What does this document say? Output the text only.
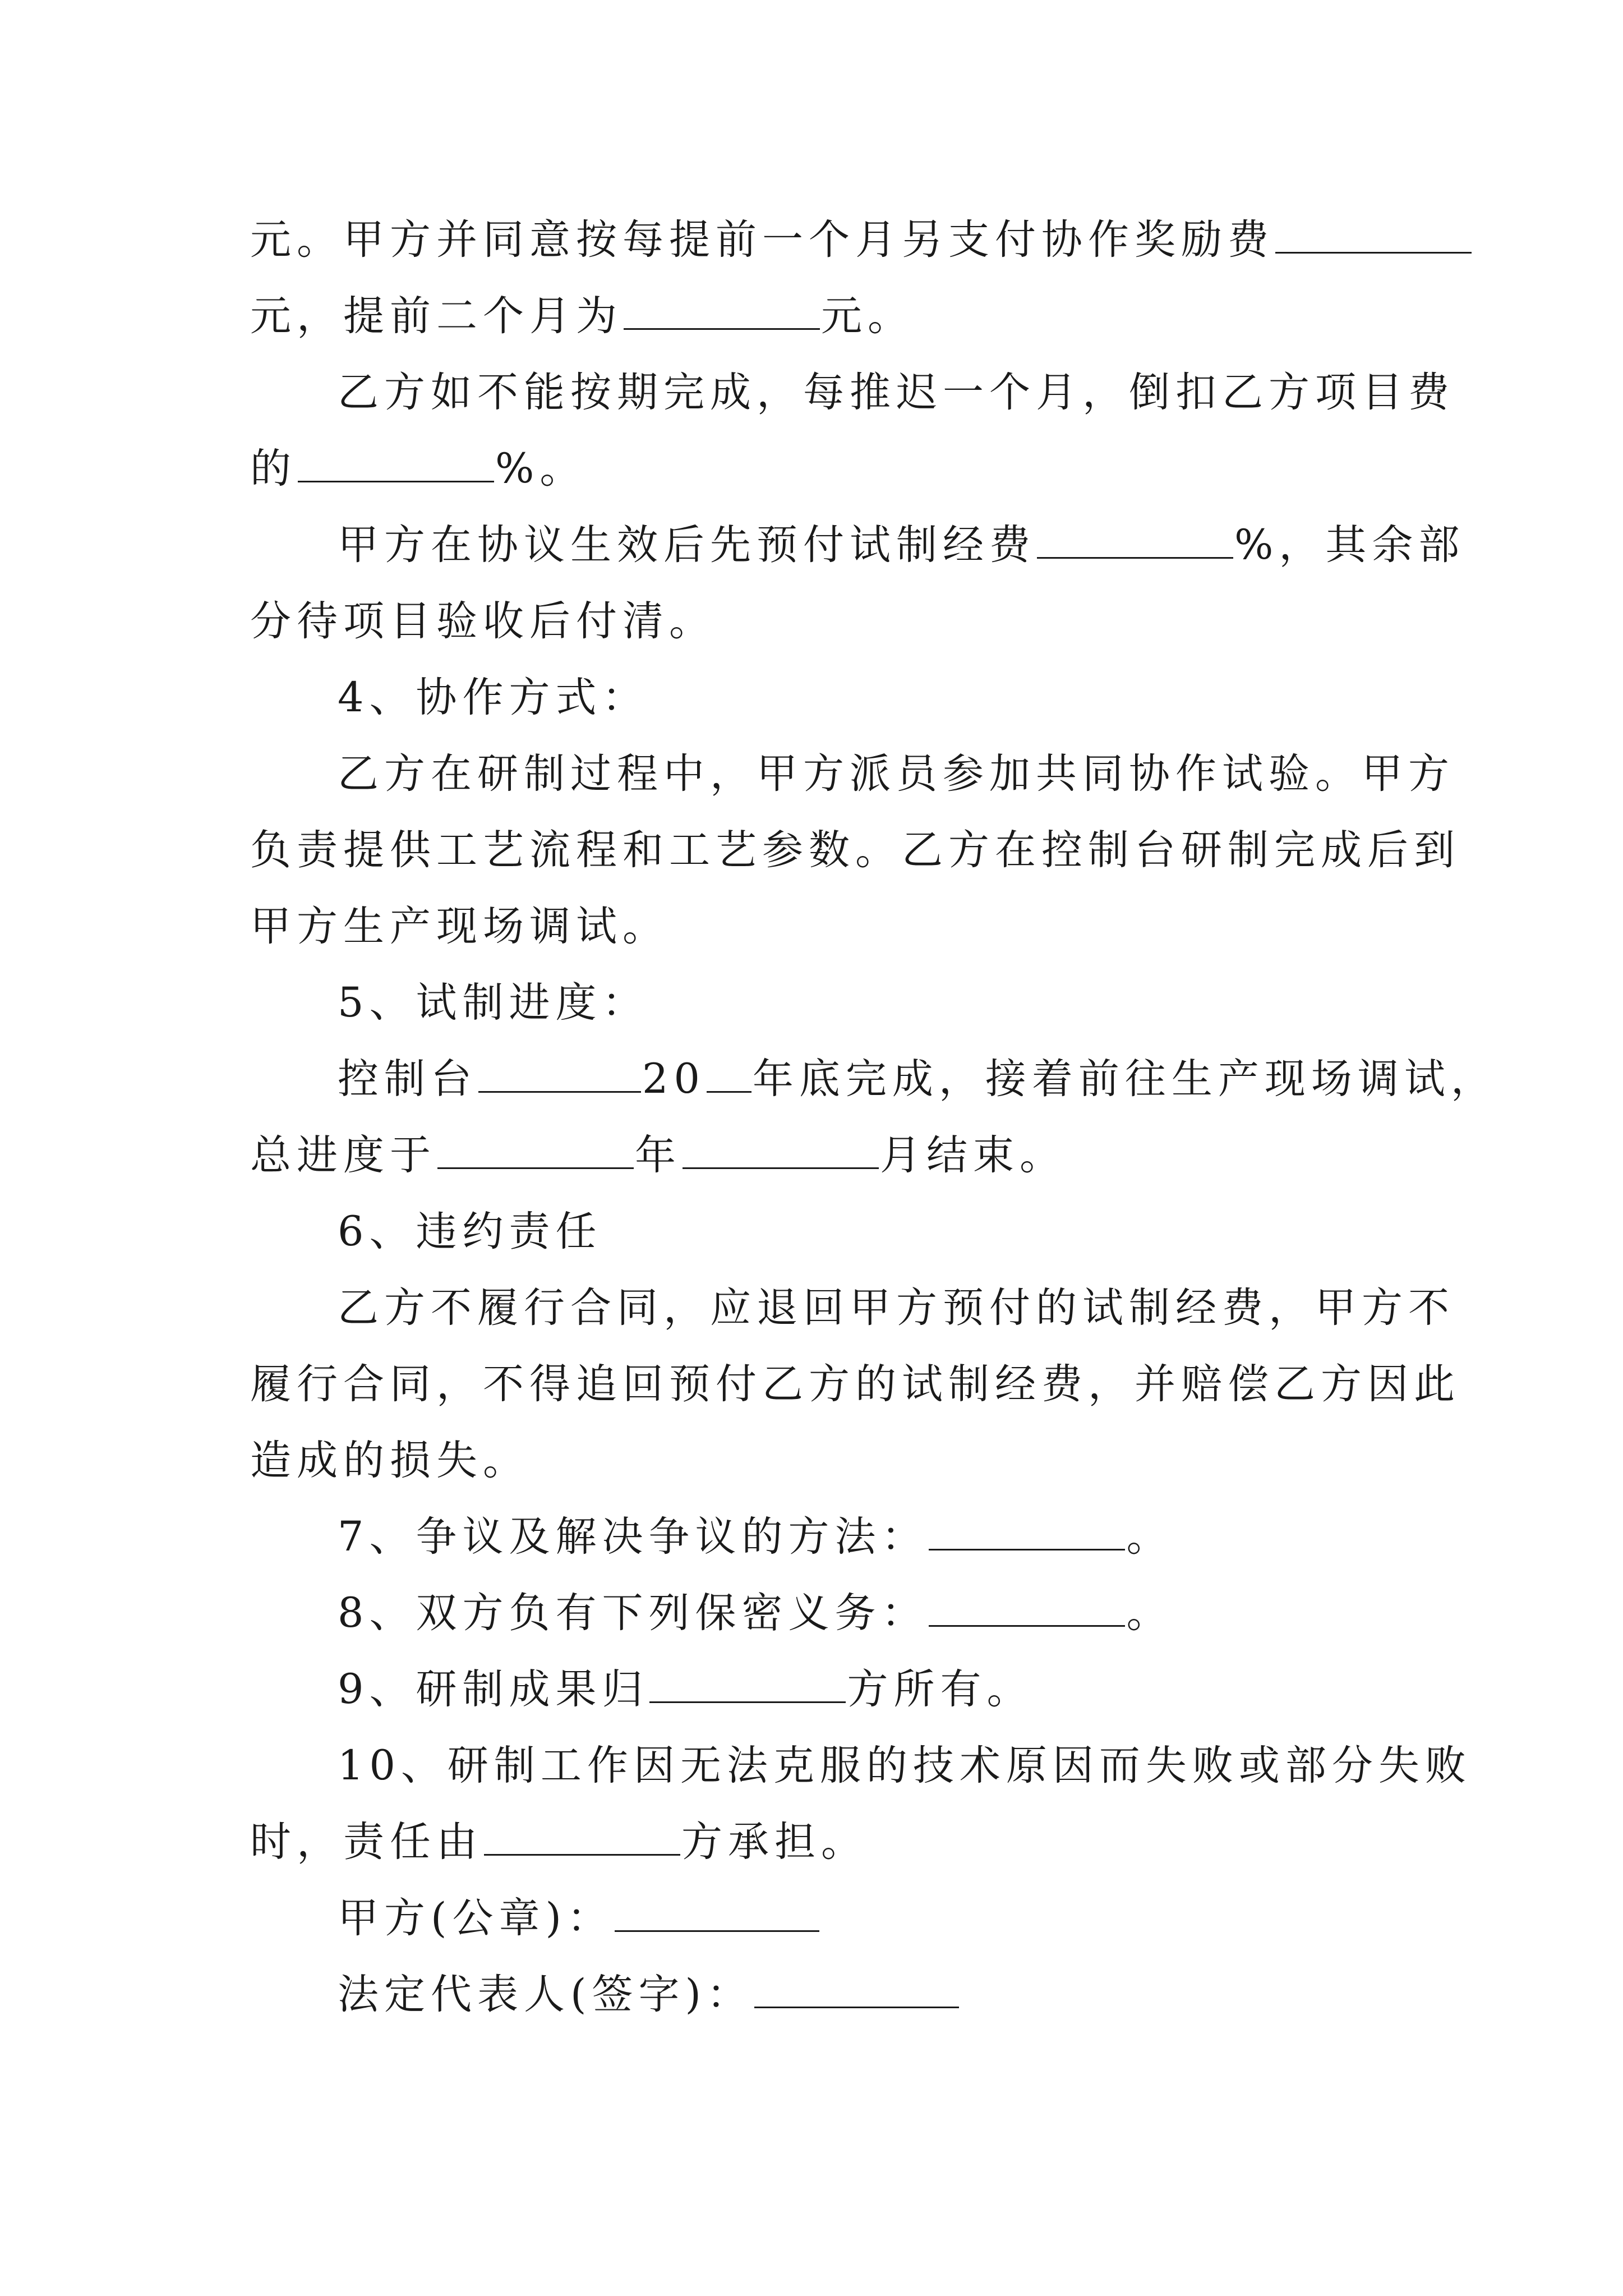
元。甲方并同意按每提前一个月另支付协作奖励费
元，提前二个月为	元。
乙方如不能按期完成，每推迟一个月，倒扣乙方项目费
的	%。
甲方在协议生效后先预付试制经费	%，其余部
分待项目验收后付清。
4、协作方式：
乙方在研制过程中，甲方派员参加共同协作试验。甲方
负责提供工艺流程和工艺参数。乙方在控制台研制完成后到
甲方生产现场调试。
5、试制进度：
控制台	20 年底完成，接着前往生产现场调试，
总进度于	年	月结束。
6、违约责任
乙方不履行合同，应退回甲方预付的试制经费，甲方不
履行合同，不得追回预付乙方的试制经费，并赔偿乙方因此
造成的损失。
7、争议及解决争议的方法：	。
8、双方负有下列保密义务：	。
9、研制成果归	方所有。
10、研制工作因无法克服的技术原因而失败或部分失败
时，责任由	方承担。
甲方(公章)：
法定代表人(签字)：
